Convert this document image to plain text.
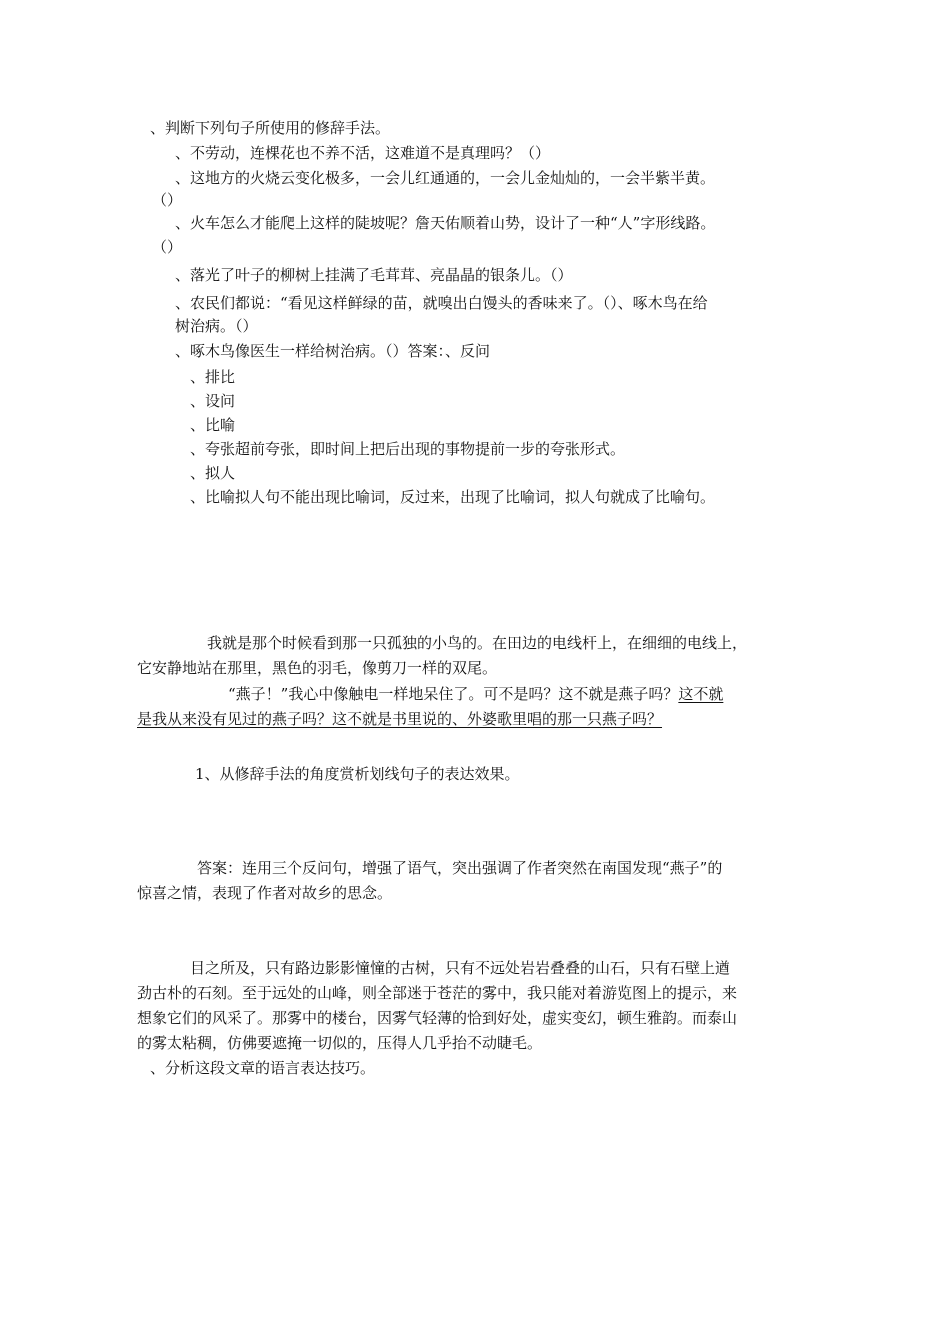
、判断下列句子所使用的修辞手法。
、不劳动，连棵花也不养不活，这难道不是真理吗？（）
、这地方的火烧云变化极多，一会儿红通通的，一会儿金灿灿的，一会半紫半黄。
（）
、火车怎么才能爬上这样的陡坡呢？詹天佑顺着山势，设计了一种“人”字形线路。
（）
、落光了叶子的柳树上挂满了毛茸茸、亮晶晶的银条儿。（）
、农民们都说：“看见这样鲜绿的苗，就嗅出白馒头的香味来了。（）、啄木鸟在给
树治病。（）
、啄木鸟像医生一样给树治病。（）答案：、反问
、排比
、设问
、比喻
、夸张超前夸张，即时间上把后出现的事物提前一步的夸张形式。
、拟人
、比喻拟人句不能出现比喻词，反过来，出现了比喻词，拟人句就成了比喻句。
我就是那个时候看到那一只孤独的小鸟的。在田边的电线杆上，在细细的电线上，
它安静地站在那里，黑色的羽毛，像剪刀一样的双尾。
“燕子！”我心中像触电一样地呆住了。可不是吗？这不就是燕子吗？这不就
是我从来没有见过的燕子吗？这不就是书里说的、外婆歌里唱的那一只燕子吗？
1、从修辞手法的角度赏析划线句子的表达效果。
答案：连用三个反问句，增强了语气，突出强调了作者突然在南国发现“燕子”的
惊喜之情，表现了作者对故乡的思念。
目之所及，只有路边影影憧憧的古树，只有不远处岩岩叠叠的山石，只有石壁上遒
劲古朴的石刻。至于远处的山峰，则全部迷于苍茫的雾中，我只能对着游览图上的提示，来
想象它们的风采了。那雾中的楼台，因雾气轻薄的恰到好处，虚实变幻，顿生雅韵。而泰山
的雾太粘稠，仿佛要遮掩一切似的，压得人几乎抬不动睫毛。
、分析这段文章的语言表达技巧。
